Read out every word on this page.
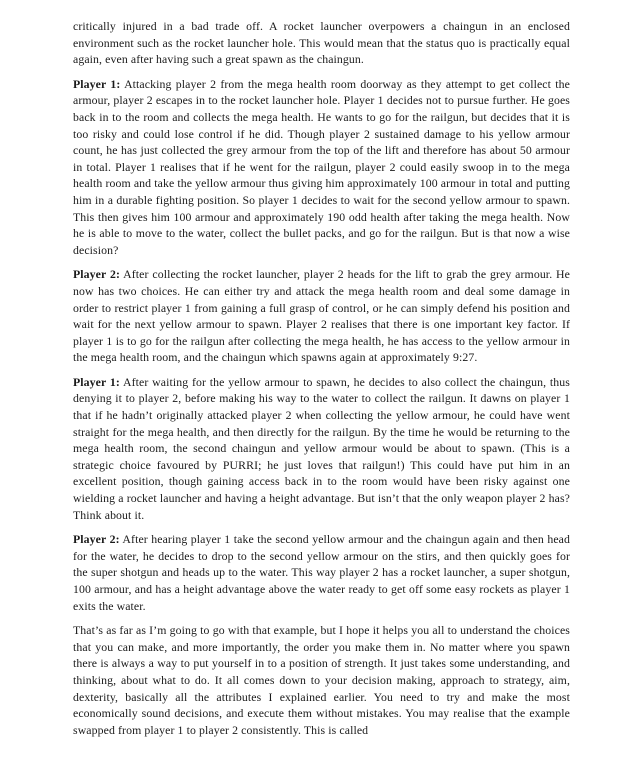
critically injured in a bad trade off. A rocket launcher overpowers a chaingun in an enclosed environment such as the rocket launcher hole. This would mean that the status quo is practically equal again, even after having such a great spawn as the chaingun.

Player 1: Attacking player 2 from the mega health room doorway as they attempt to get collect the armour, player 2 escapes in to the rocket launcher hole. Player 1 decides not to pursue further. He goes back in to the room and collects the mega health. He wants to go for the railgun, but decides that it is too risky and could lose control if he did. Though player 2 sustained damage to his yellow armour count, he has just collected the grey armour from the top of the lift and therefore has about 50 armour in total. Player 1 realises that if he went for the railgun, player 2 could easily swoop in to the mega health room and take the yellow armour thus giving him approximately 100 armour in total and putting him in a durable fighting position. So player 1 decides to wait for the second yellow armour to spawn. This then gives him 100 armour and approximately 190 odd health after taking the mega health. Now he is able to move to the water, collect the bullet packs, and go for the railgun. But is that now a wise decision?

Player 2: After collecting the rocket launcher, player 2 heads for the lift to grab the grey armour. He now has two choices. He can either try and attack the mega health room and deal some damage in order to restrict player 1 from gaining a full grasp of control, or he can simply defend his position and wait for the next yellow armour to spawn. Player 2 realises that there is one important key factor. If player 1 is to go for the railgun after collecting the mega health, he has access to the yellow armour in the mega health room, and the chaingun which spawns again at approximately 9:27.

Player 1: After waiting for the yellow armour to spawn, he decides to also collect the chaingun, thus denying it to player 2, before making his way to the water to collect the railgun. It dawns on player 1 that if he hadn’t originally attacked player 2 when collecting the yellow armour, he could have went straight for the mega health, and then directly for the railgun. By the time he would be returning to the mega health room, the second chaingun and yellow armour would be about to spawn. (This is a strategic choice favoured by PURRI; he just loves that railgun!) This could have put him in an excellent position, though gaining access back in to the room would have been risky against one wielding a rocket launcher and having a height advantage. But isn’t that the only weapon player 2 has? Think about it.

Player 2: After hearing player 1 take the second yellow armour and the chaingun again and then head for the water, he decides to drop to the second yellow armour on the stirs, and then quickly goes for the super shotgun and heads up to the water. This way player 2 has a rocket launcher, a super shotgun, 100 armour, and has a height advantage above the water ready to get off some easy rockets as player 1 exits the water.

That’s as far as I’m going to go with that example, but I hope it helps you all to understand the choices that you can make, and more importantly, the order you make them in. No matter where you spawn there is always a way to put yourself in to a position of strength. It just takes some understanding, and thinking, about what to do. It all comes down to your decision making, approach to strategy, aim, dexterity, basically all the attributes I explained earlier. You need to try and make the most economically sound decisions, and execute them without mistakes. You may realise that the example swapped from player 1 to player 2 consistently. This is called
